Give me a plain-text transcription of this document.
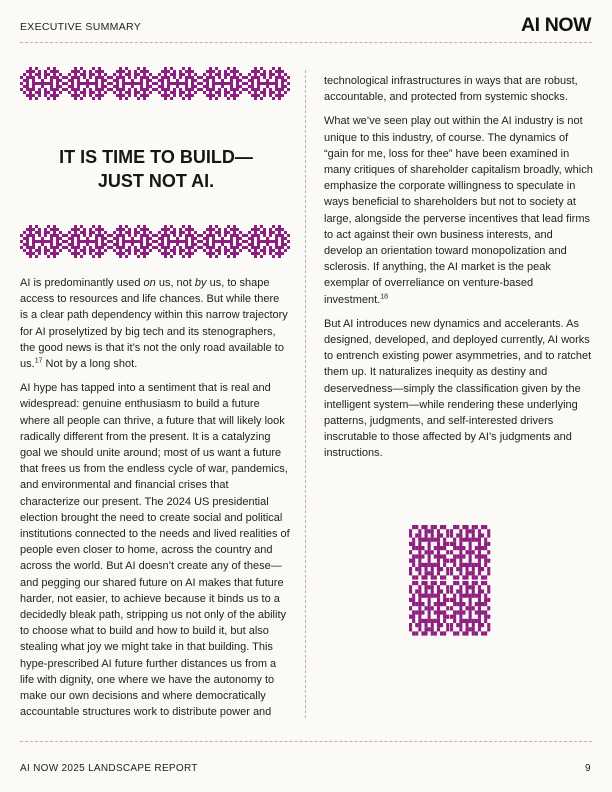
EXECUTIVE SUMMARY	AI NOW
IT IS TIME TO BUILD—
JUST NOT AI.

AI is predominantly used on us, not by us, to shape access to resources and life chances. But while there is a clear path dependency within this narrow trajectory for AI proselytized by big tech and its stenographers, the good news is that it’s not the only road available to us.$^{17}$ Not by a long shot.

AI hype has tapped into a sentiment that is real and widespread: genuine enthusiasm to build a future where all people can thrive, a future that will likely look radically different from the present. It is a catalyzing goal we should unite around; most of us want a future that frees us from the endless cycle of war, pandemics, and environmental and financial crises that characterize our present. The 2024 US presidential election brought the need to create social and political institutions connected to the needs and lived realities of people even closer to home, across the country and across the world. But AI doesn’t create any of these—and pegging our shared future on AI makes that future harder, not easier, to achieve because it binds us to a decidedly bleak path, stripping us not only of the ability to choose what to build and how to build it, but also stealing what joy we might take in that building. This hype-prescribed AI future further distances us from a life with dignity, one where we have the autonomy to make our own decisions and where democratically accountable structures work to distribute power and

technological infrastructures in ways that are robust, accountable, and protected from systemic shocks.

What we’ve seen play out within the AI industry is not unique to this industry, of course. The dynamics of “gain for me, loss for thee” have been examined in many critiques of shareholder capitalism broadly, which emphasize the corporate willingness to speculate in ways beneficial to shareholders but not to society at large, alongside the perverse incentives that lead firms to act against their own business interests, and develop an orientation toward monopolization and sclerosis. If anything, the AI market is the peak exemplar of overreliance on venture-based investment.$^{18}$

But AI introduces new dynamics and accelerants. As designed, developed, and deployed currently, AI works to entrench existing power asymmetries, and to ratchet them up. It naturalizes inequity as destiny and deservedness—simply the classification given by the intelligent system—while rendering these underlying patterns, judgments, and self-interested drivers inscrutable to those affected by AI’s judgments and instructions.

AI NOW 2025 LANDSCAPE REPORT	9
